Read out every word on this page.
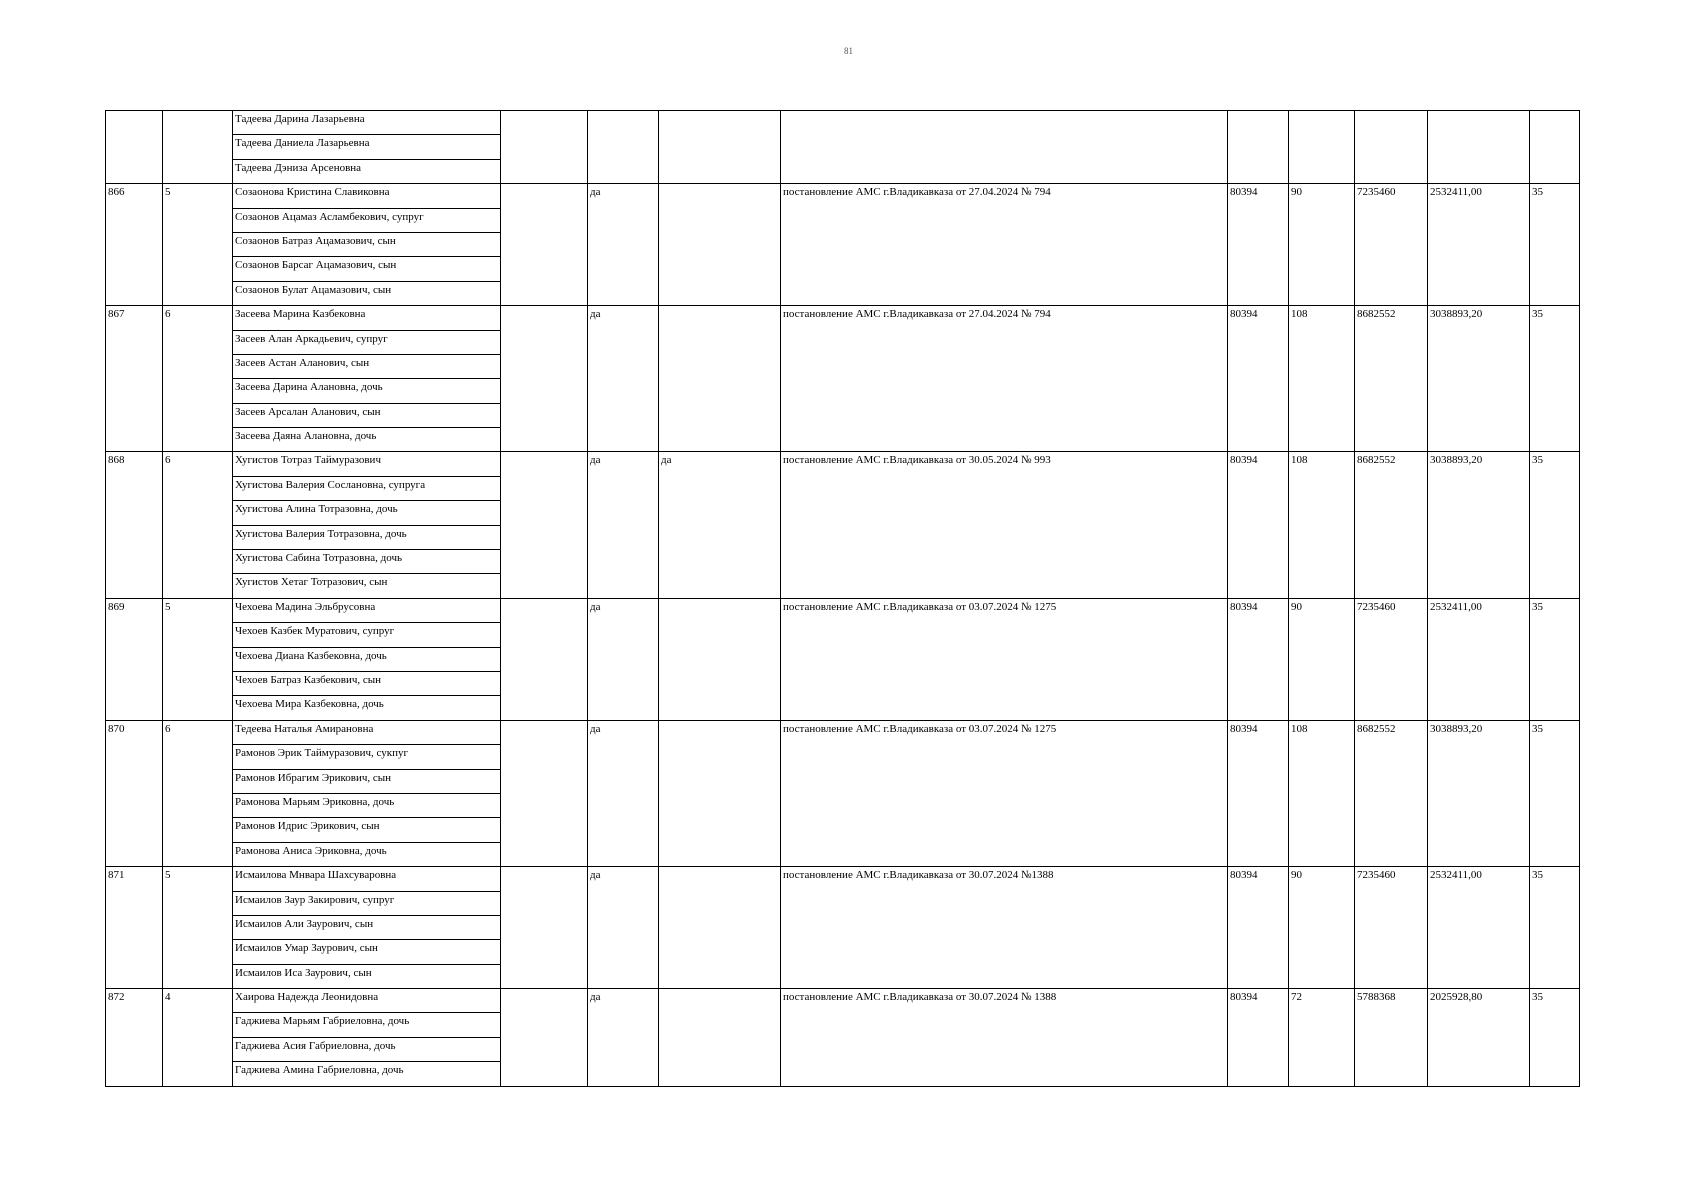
81
		Тадеева Дарина Лазарьевна									
		Тадеева Даниела Лазарьевна									
		Тадеева Дэниза Арсеновна									
866	5	Созаонова Кристина Славиковна		да		постановление АМС г.Владикавказа от 27.04.2024 № 794	80394	90	7235460	2532411,00	35
		Созаонов Ацамаз Асламбекович, супруг									
		Созаонов Батраз Ацамазович, сын									
		Созаонов Барсаг Ацамазович, сын									
		Созаонов Булат Ацамазович, сын									
867	6	Засеева Марина Казбековна		да		постановление АМС г.Владикавказа от 27.04.2024 № 794	80394	108	8682552	3038893,20	35
		Засеев Алан Аркадьевич, супруг									
		Засеев Астан Аланович, сын									
		Засеева Дарина Алановна, дочь									
		Засеев Арсалан Аланович, сын									
		Засеева Даяна Алановна, дочь									
868	6	Хугистов Тотраз Таймуразович		да	да	постановление АМС г.Владикавказа от 30.05.2024 № 993	80394	108	8682552	3038893,20	35
		Хугистова Валерия Сослановна, супруга									
		Хугистова Алина Тотразовна, дочь									
		Хугистова Валерия Тотразовна, дочь									
		Хугистова Сабина Тотразовна, дочь									
		Хугистов Хетаг Тотразович, сын									
869	5	Чехоева Мадина Эльбрусовна		да		постановление АМС г.Владикавказа от 03.07.2024 № 1275	80394	90	7235460	2532411,00	35
		Чехоев Казбек Муратович, супруг									
		Чехоева Диана Казбековна, дочь									
		Чехоев Батраз Казбекович, сын									
		Чехоева Мира Казбековна, дочь									
870	6	Тедеева Наталья Амирановна		да		постановление АМС г.Владикавказа от 03.07.2024 № 1275	80394	108	8682552	3038893,20	35
		Рамонов Эрик Таймуразович, сукпуг									
		Рамонов Ибрагим Эрикович, сын									
		Рамонова Марьям Эриковна, дочь									
		Рамонов Идрис Эрикович, сын									
		Рамонова Аниса Эриковна, дочь									
871	5	Исмаилова Мнвара Шахсуваровна		да		постановление АМС г.Владикавказа от 30.07.2024 №1388	80394	90	7235460	2532411,00	35
		Исмаилов Заур Закирович, супруг									
		Исмаилов Али Заурович, сын									
		Исмаилов Умар Заурович, сын									
		Исмаилов Иса Заурович, сын									
872	4	Хаирова Надежда Леонидовна		да		постановление АМС г.Владикавказа от 30.07.2024 № 1388	80394	72	5788368	2025928,80	35
		Гаджиева Марьям Габриеловна, дочь									
		Гаджиева Асия Габриеловна, дочь									
		Гаджиева Амина Габриеловна, дочь									
